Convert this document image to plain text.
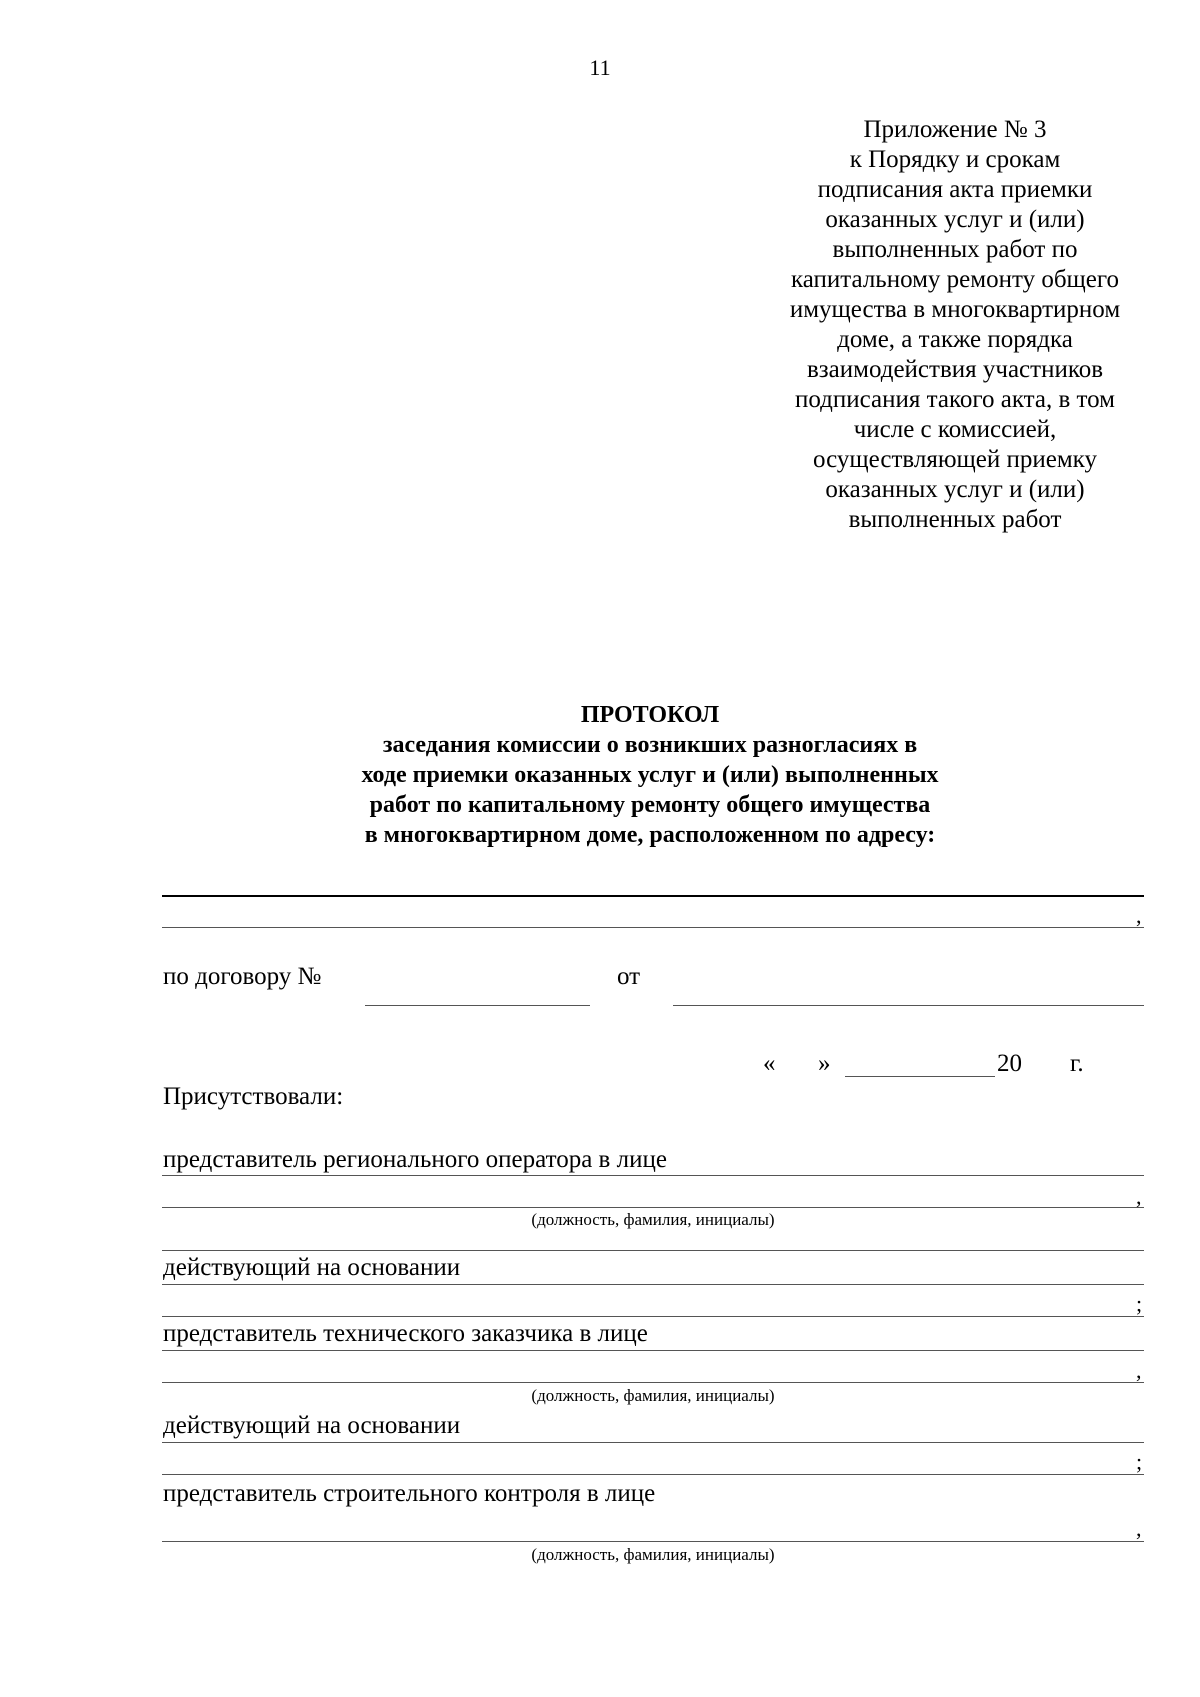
11
Приложение № 3
к Порядку и срокам
подписания акта приемки
оказанных услуг и (или)
выполненных работ по
капитальному ремонту общего
имущества в многоквартирном
доме, а также порядка
взаимодействия участников
подписания такого акта, в том
числе с комиссией,
осуществляющей приемку
оказанных услуг и (или)
выполненных работ
ПРОТОКОЛ
заседания комиссии о возникших разногласиях в
ходе приемки оказанных услуг и (или) выполненных
работ по капитальному ремонту общего имущества
в многоквартирном доме, расположенном по адресу:
,
по договору №	от
« »	20 г.
Присутствовали:
представитель регионального оператора в лице
,
(должность, фамилия, инициалы)
действующий на основании
;
представитель технического заказчика в лице
,
(должность, фамилия, инициалы)
действующий на основании
;
представитель строительного контроля в лице
,
(должность, фамилия, инициалы)
